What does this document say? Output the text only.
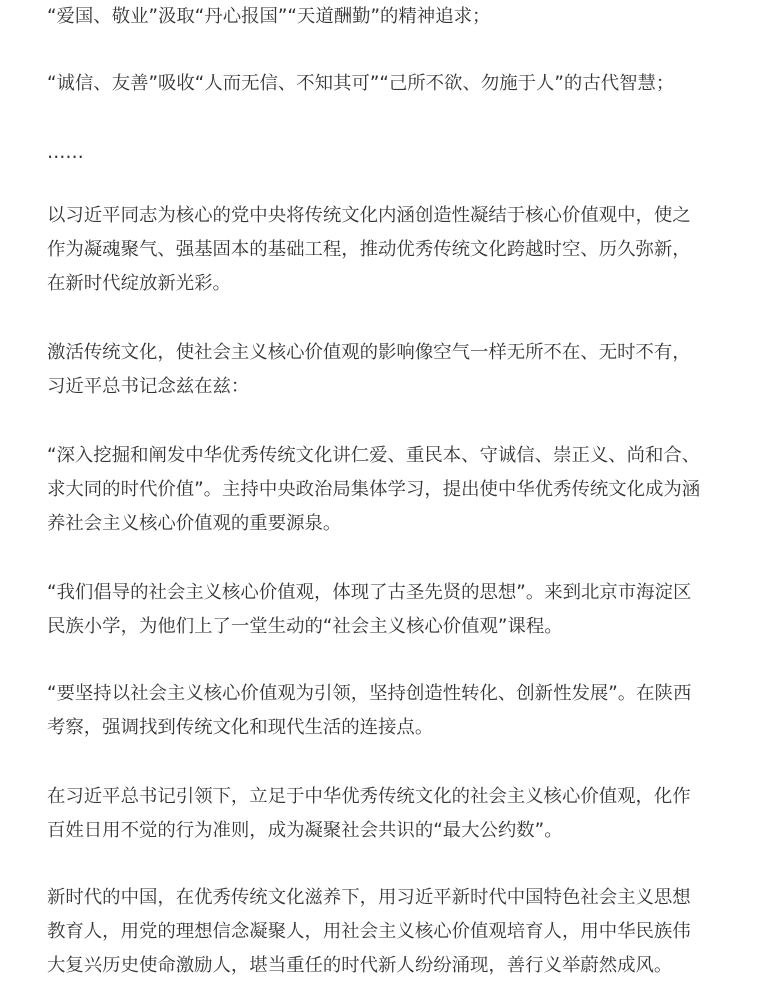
“爱国、敬业”汲取“丹心报国”“天道酬勤”的精神追求；

“诚信、友善”吸收“人而无信、不知其可”“己所不欲、勿施于人”的古代智慧；

……

以习近平同志为核心的党中央将传统文化内涵创造性凝结于核心价值观中，使之
作为凝魂聚气、强基固本的基础工程，推动优秀传统文化跨越时空、历久弥新，
在新时代绽放新光彩。

激活传统文化，使社会主义核心价值观的影响像空气一样无所不在、无时不有，
习近平总书记念兹在兹：

“深入挖掘和阐发中华优秀传统文化讲仁爱、重民本、守诚信、崇正义、尚和合、
求大同的时代价值”。主持中央政治局集体学习，提出使中华优秀传统文化成为涵
养社会主义核心价值观的重要源泉。

“我们倡导的社会主义核心价值观，体现了古圣先贤的思想”。来到北京市海淀区
民族小学，为他们上了一堂生动的“社会主义核心价值观”课程。

“要坚持以社会主义核心价值观为引领，坚持创造性转化、创新性发展”。在陕西
考察，强调找到传统文化和现代生活的连接点。

在习近平总书记引领下，立足于中华优秀传统文化的社会主义核心价值观，化作
百姓日用不觉的行为准则，成为凝聚社会共识的“最大公约数”。

新时代的中国，在优秀传统文化滋养下，用习近平新时代中国特色社会主义思想
教育人，用党的理想信念凝聚人，用社会主义核心价值观培育人，用中华民族伟
大复兴历史使命激励人，堪当重任的时代新人纷纷涌现，善行义举蔚然成风。
